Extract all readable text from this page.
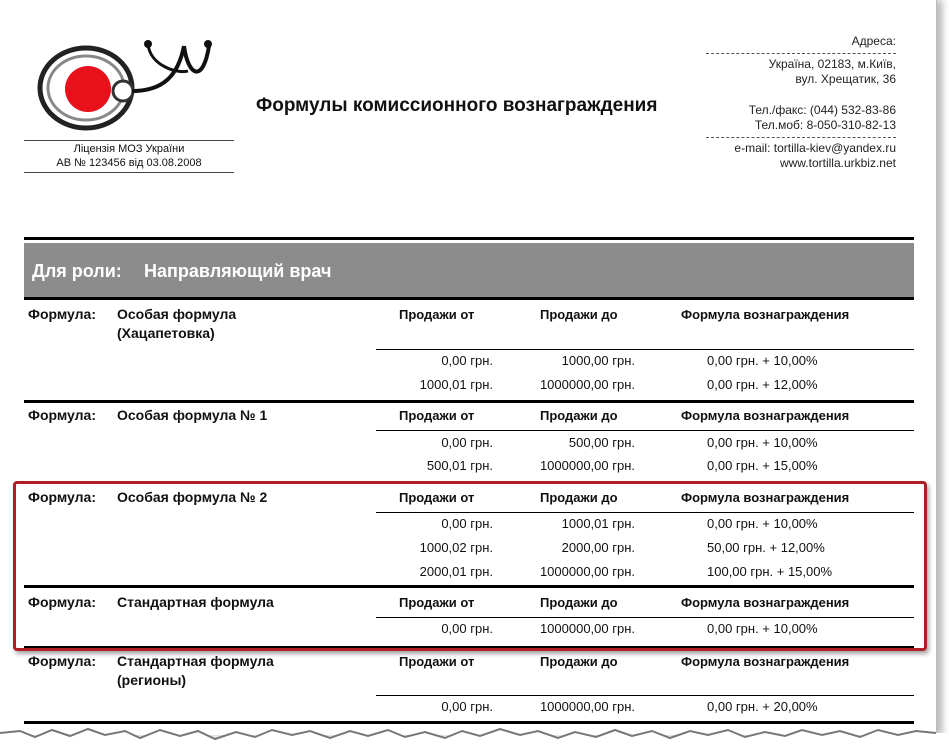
Ліцензія МОЗ України
АВ № 123456 від 03.08.2008
Формулы комиссионного вознаграждения
Адреса:
Україна, 02183, м.Київ,
вул. Хрещатик, 36
Тел./факс: (044) 532-83-86
Тел.моб: 8-050-310-82-13
e-mail: tortilla-kiev@yandex.ru
www.tortilla.urkbiz.net
Для роли: Направляющий врач
Формула: Особая формула
(Хацапетовка)
Продажи от	Продажи до	Формула вознаграждения
0,00 грн.	1000,00 грн.	0,00 грн. + 10,00%
1000,01 грн.	1000000,00 грн.	0,00 грн. + 12,00%
Формула: Особая формула № 1	Продажи от	Продажи до	Формула вознаграждения
0,00 грн.	500,00 грн.	0,00 грн. + 10,00%
500,01 грн.	1000000,00 грн.	0,00 грн. + 15,00%
Формула: Особая формула № 2	Продажи от	Продажи до	Формула вознаграждения
0,00 грн.	1000,01 грн.	0,00 грн. + 10,00%
1000,02 грн.	2000,00 грн.	50,00 грн. + 12,00%
2000,01 грн.	1000000,00 грн.	100,00 грн. + 15,00%
Формула: Стандартная формула	Продажи от	Продажи до	Формула вознаграждения
0,00 грн.	1000000,00 грн.	0,00 грн. + 10,00%
Формула: Стандартная формула
(регионы)
Продажи от	Продажи до	Формула вознаграждения
0,00 грн.	1000000,00 грн.	0,00 грн. + 20,00%
